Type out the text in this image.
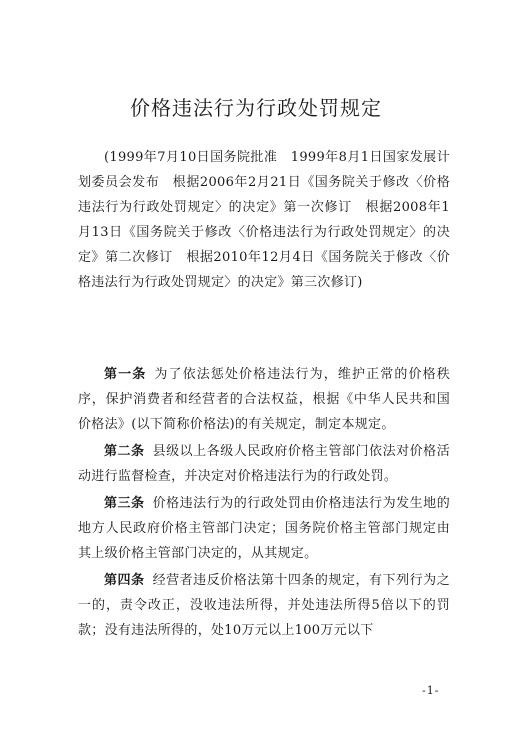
价格违法行为行政处罚规定
(1999年7月10日国务院批准　1999年8月1日国家发展计划委员会发布　根据2006年2月21日《国务院关于修改〈价格违法行为行政处罚规定〉的决定》第一次修订　根据2008年1月13日《国务院关于修改〈价格违法行为行政处罚规定〉的决定》第二次修订　根据2010年12月4日《国务院关于修改〈价格违法行为行政处罚规定〉的决定》第三次修订)

第一条 为了依法惩处价格违法行为，维护正常的价格秩序，保护消费者和经营者的合法权益，根据《中华人民共和国价格法》(以下简称价格法)的有关规定，制定本规定。

第二条 县级以上各级人民政府价格主管部门依法对价格活动进行监督检查，并决定对价格违法行为的行政处罚。

第三条 价格违法行为的行政处罚由价格违法行为发生地的地方人民政府价格主管部门决定；国务院价格主管部门规定由其上级价格主管部门决定的，从其规定。

第四条 经营者违反价格法第十四条的规定，有下列行为之一的，责令改正，没收违法所得，并处违法所得5倍以下的罚款；没有违法所得的，处10万元以上100万元以下

-1-
